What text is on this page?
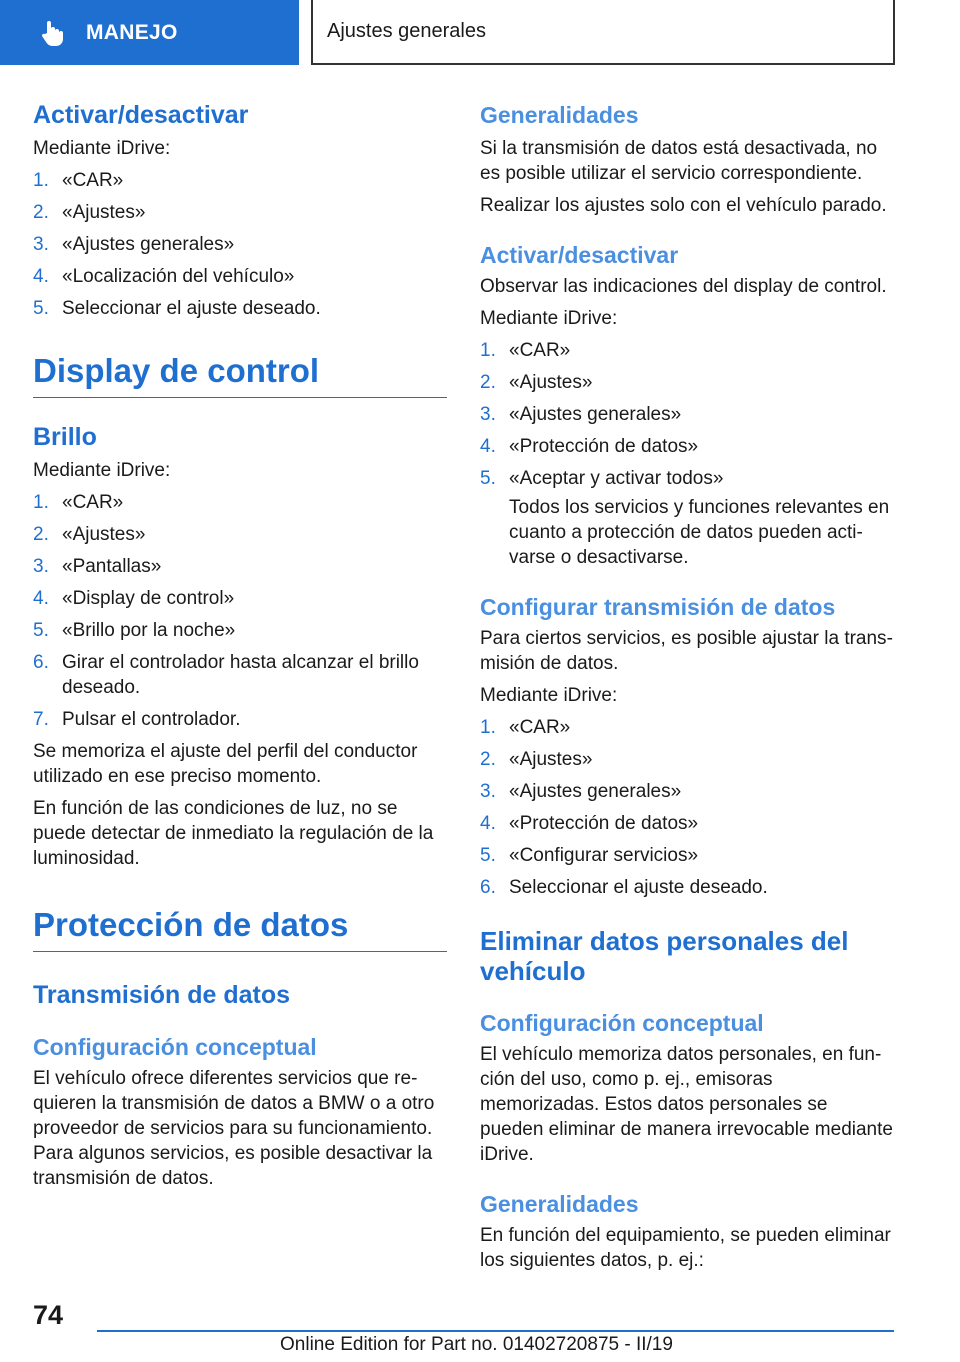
MANEJO	Ajustes generales
Activar/desactivar
Mediante iDrive:
1. «CAR»
2. «Ajustes»
3. «Ajustes generales»
4. «Localización del vehículo»
5. Seleccionar el ajuste deseado.
Display de control
Brillo
Mediante iDrive:
1. «CAR»
2. «Ajustes»
3. «Pantallas»
4. «Display de control»
5. «Brillo por la noche»
6. Girar el controlador hasta alcanzar el brillo deseado.
7. Pulsar el controlador.
Se memoriza el ajuste del perfil del conductor utilizado en ese preciso momento.
En función de las condiciones de luz, no se puede detectar de inmediato la regulación de la luminosidad.
Protección de datos
Transmisión de datos
Configuración conceptual
El vehículo ofrece diferentes servicios que requieren la transmisión de datos a BMW o a otro proveedor de servicios para su funcionamiento. Para algunos servicios, es posible desactivar la transmisión de datos.
Generalidades
Si la transmisión de datos está desactivada, no es posible utilizar el servicio correspondiente.
Realizar los ajustes solo con el vehículo parado.
Activar/desactivar
Observar las indicaciones del display de control.
Mediante iDrive:
1. «CAR»
2. «Ajustes»
3. «Ajustes generales»
4. «Protección de datos»
5. «Aceptar y activar todos»
Todos los servicios y funciones relevantes en cuanto a protección de datos pueden activarse o desactivarse.
Configurar transmisión de datos
Para ciertos servicios, es posible ajustar la transmisión de datos.
Mediante iDrive:
1. «CAR»
2. «Ajustes»
3. «Ajustes generales»
4. «Protección de datos»
5. «Configurar servicios»
6. Seleccionar el ajuste deseado.
Eliminar datos personales del vehículo
Configuración conceptual
El vehículo memoriza datos personales, en función del uso, como p. ej., emisoras memorizadas. Estos datos personales se pueden eliminar de manera irrevocable mediante iDrive.
Generalidades
En función del equipamiento, se pueden eliminar los siguientes datos, p. ej.:
74
Online Edition for Part no. 01402720875 - II/19
